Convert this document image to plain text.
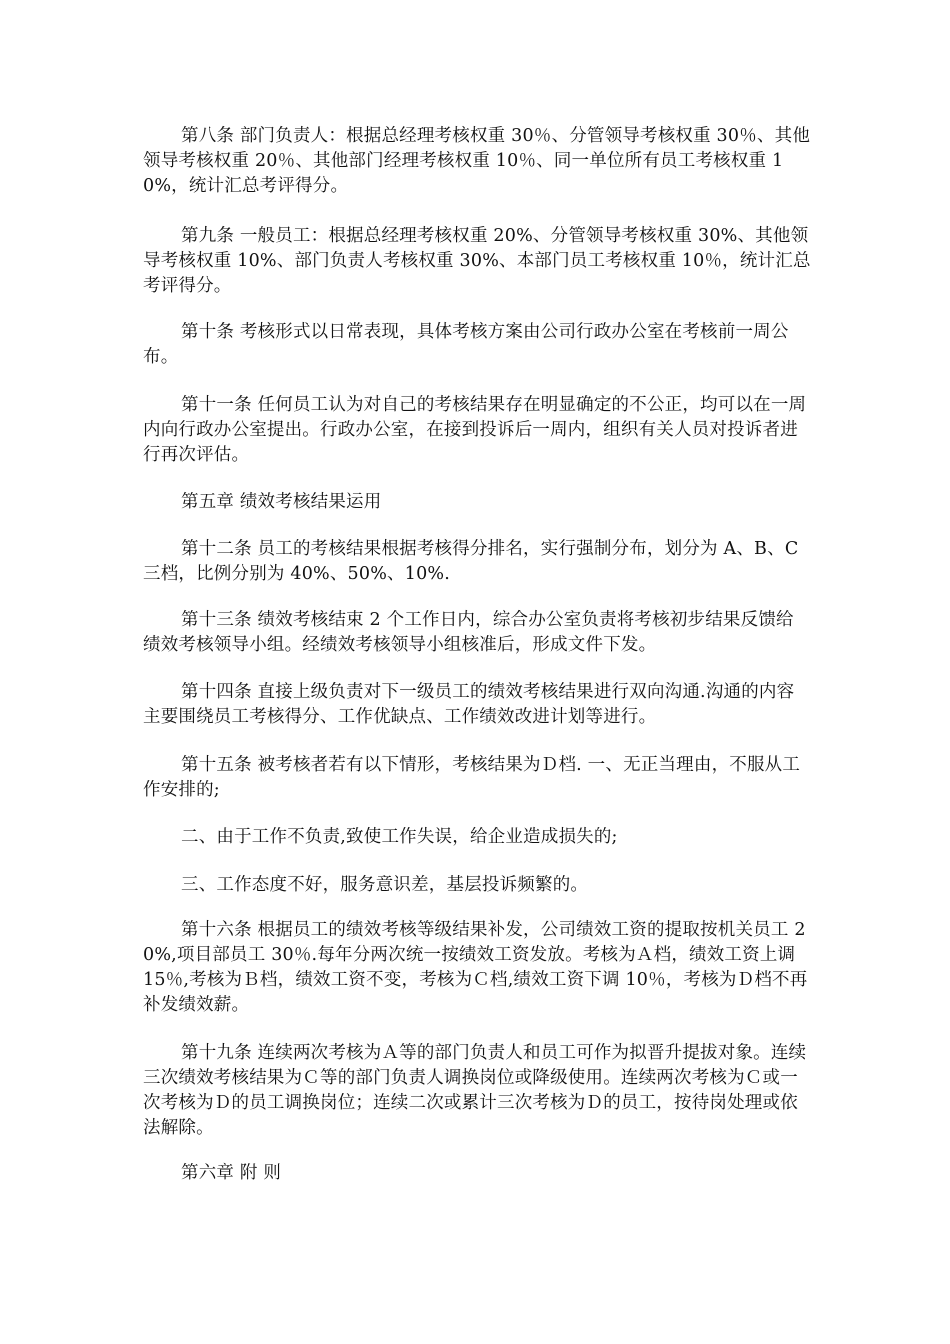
第八条 部门负责人：根据总经理考核权重 30％、分管领导考核权重 30％、其他领导考核权重 20％、其他部门经理考核权重 10％、同一单位所有员工考核权重 10%，统计汇总考评得分。

第九条 一般员工：根据总经理考核权重 20%、分管领导考核权重 30%、其他领导考核权重 10%、部门负责人考核权重 30%、本部门员工考核权重 10％，统计汇总考评得分。

第十条 考核形式以日常表现，具体考核方案由公司行政办公室在考核前一周公布。

第十一条 任何员工认为对自己的考核结果存在明显确定的不公正，均可以在一周内向行政办公室提出。行政办公室，在接到投诉后一周内，组织有关人员对投诉者进行再次评估。

第五章 绩效考核结果运用

第十二条 员工的考核结果根据考核得分排名，实行强制分布，划分为 A、B、C 三档，比例分别为 40%、50%、10%.

第十三条 绩效考核结束 2 个工作日内，综合办公室负责将考核初步结果反馈给绩效考核领导小组。经绩效考核领导小组核准后，形成文件下发。

第十四条 直接上级负责对下一级员工的绩效考核结果进行双向沟通.沟通的内容主要围绕员工考核得分、工作优缺点、工作绩效改进计划等进行。

第十五条 被考核者若有以下情形，考核结果为Ｄ档. 一、无正当理由，不服从工作安排的;

二、由于工作不负责,致使工作失误，给企业造成损失的;

三、工作态度不好，服务意识差，基层投诉频繁的。

第十六条 根据员工的绩效考核等级结果补发，公司绩效工资的提取按机关员工 20%,项目部员工 30％.每年分两次统一按绩效工资发放。考核为Ａ档，绩效工资上调 15％,考核为Ｂ档，绩效工资不变，考核为Ｃ档,绩效工资下调 10％，考核为Ｄ档不再补发绩效薪。

第十九条 连续两次考核为Ａ等的部门负责人和员工可作为拟晋升提拔对象。连续三次绩效考核结果为Ｃ等的部门负责人调换岗位或降级使用。连续两次考核为Ｃ或一次考核为Ｄ的员工调换岗位；连续二次或累计三次考核为Ｄ的员工，按待岗处理或依法解除。

第六章 附 则
